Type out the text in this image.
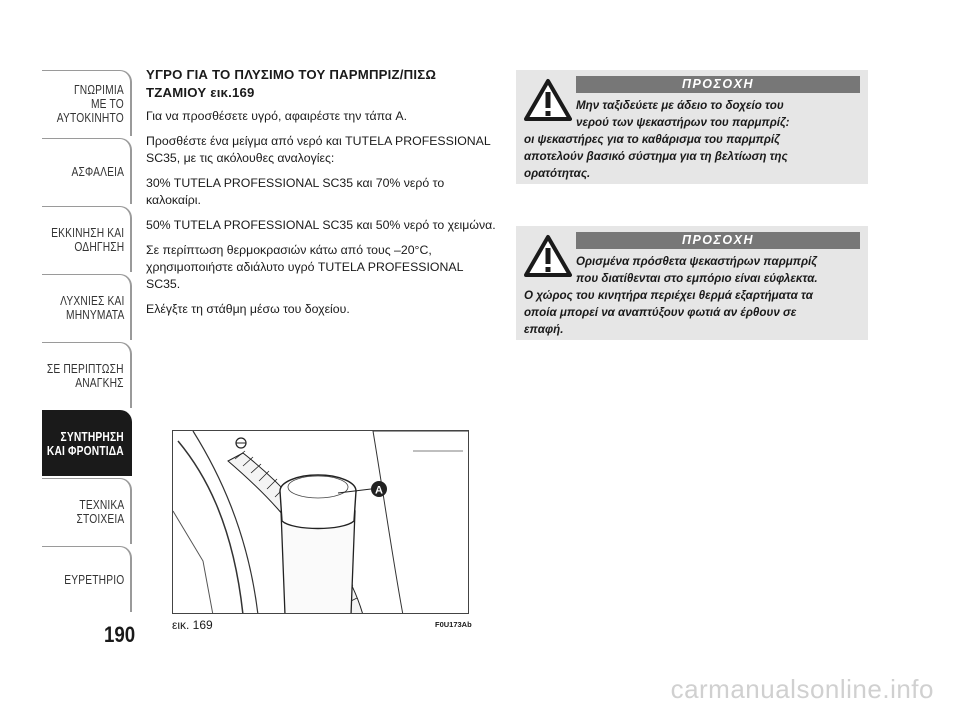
ΓΝΩΡΙΜΙΑ
ΜΕ ΤΟ
ΑΥΤΟΚΙΝΗΤΟ
ΑΣΦΑΛΕΙΑ
ΕΚΚΙΝΗΣΗ ΚΑΙ
ΟΔΗΓΗΣΗ
ΛΥΧΝΙΕΣ ΚΑΙ
ΜΗΝΥΜΑΤΑ
ΣΕ ΠΕΡΙΠΤΩΣΗ
ΑΝΑΓΚΗΣ
ΣΥΝΤΗΡΗΣΗ
ΚΑΙ ΦΡΟΝΤΙΔΑ
ΤΕΧΝΙΚΑ
ΣΤΟΙΧΕΙΑ
ΕΥΡΕΤΗΡΙΟ
190
ΥΓΡΟ ΓΙΑ ΤΟ ΠΛΥΣΙΜΟ ΤΟΥ ΠΑΡΜΠΡΙΖ/ΠΙΣΩ ΤΖΑΜΙΟΥ εικ.169

Για να προσθέσετε υγρό, αφαιρέστε την τάπα A.

Προσθέστε ένα μείγμα από νερό και TUTELA PROFESSIONAL SC35, με τις ακόλουθες αναλογίες:

30% TUTELA PROFESSIONAL SC35 και 70% νερό το καλοκαίρι.

50% TUTELA PROFESSIONAL SC35 και 50% νερό το χειμώνα.

Σε περίπτωση θερμοκρασιών κάτω από τους –20°C, χρησιμοποιήστε αδιάλυτο υγρό TUTELA PROFESSIONAL SC35.

Ελέγξτε τη στάθμη μέσω του δοχείου.

A
εικ. 169	F0U173Ab
ΠΡΟΣΟΧΗ
Μην ταξιδεύετε με άδειο το δοχείο του
νερού των ψεκαστήρων του παρμπρίζ:
οι ψεκαστήρες για το καθάρισμα του παρμπρίζ
αποτελούν βασικό σύστημα για τη βελτίωση της
ορατότητας.
ΠΡΟΣΟΧΗ
Ορισμένα πρόσθετα ψεκαστήρων παρμπρίζ
που διατίθενται στο εμπόριο είναι εύφλεκτα.
Ο χώρος του κινητήρα περιέχει θερμά εξαρτήματα τα
οποία μπορεί να αναπτύξουν φωτιά αν έρθουν σε
επαφή.
carmanualsonline.info
